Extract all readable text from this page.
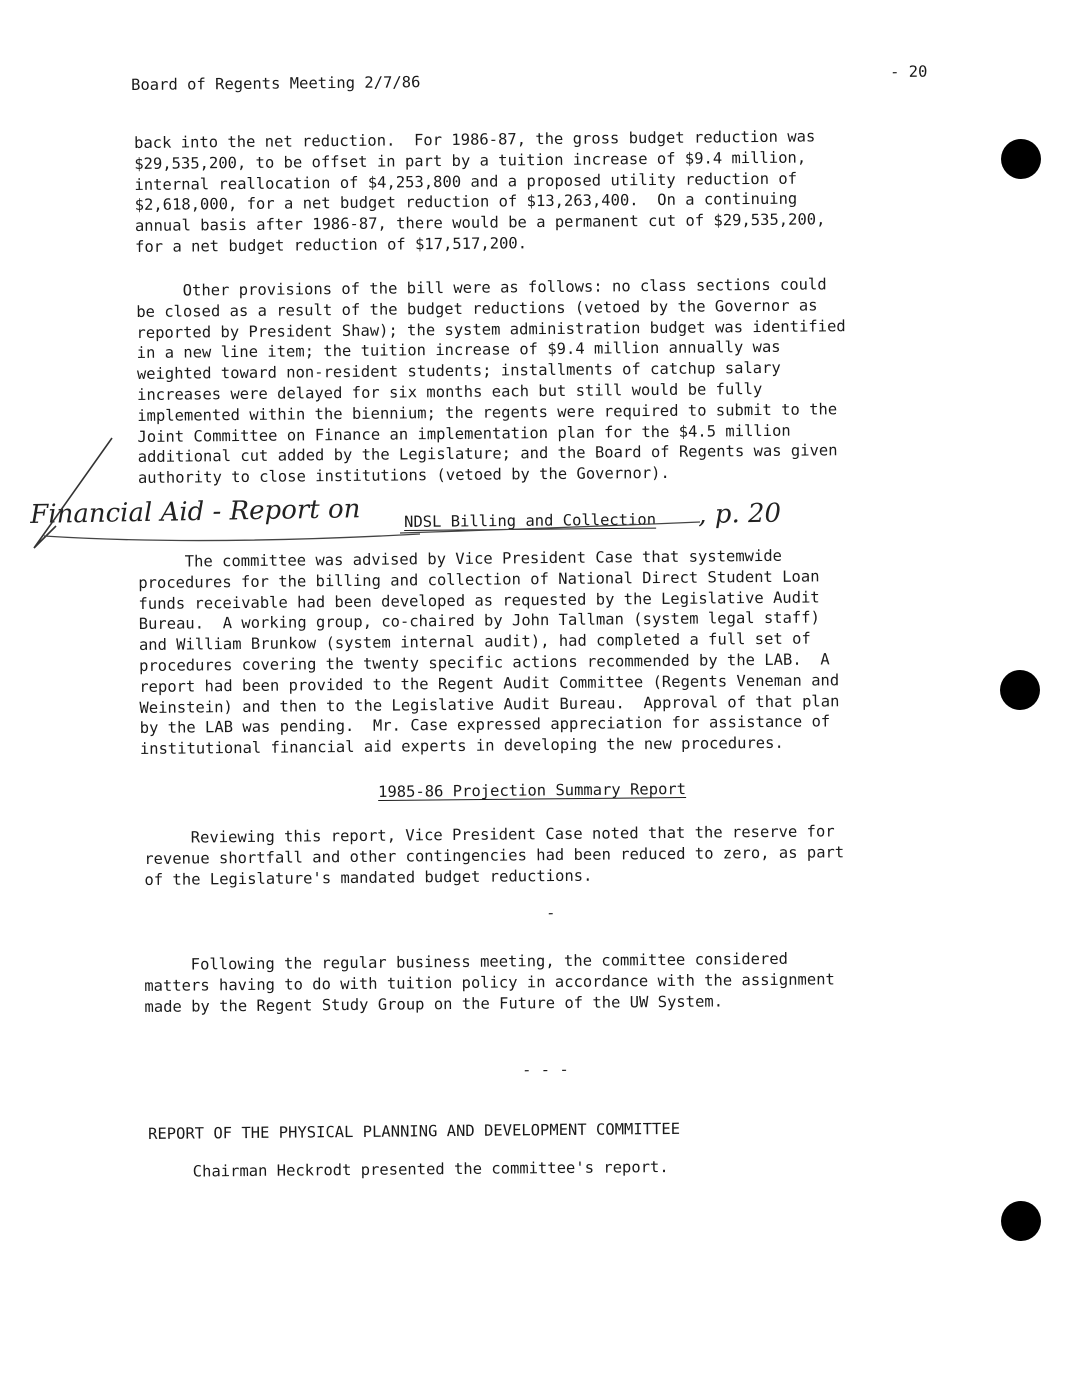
Board of Regents Meeting 2/7/86
- 20
back into the net reduction.  For 1986-87, the gross budget reduction was
$29,535,200, to be offset in part by a tuition increase of $9.4 million,
internal reallocation of $4,253,800 and a proposed utility reduction of
$2,618,000, for a net budget reduction of $13,263,400.  On a continuing
annual basis after 1986-87, there would be a permanent cut of $29,535,200,
for a net budget reduction of $17,517,200.
Other provisions of the bill were as follows: no class sections could
be closed as a result of the budget reductions (vetoed by the Governor as
reported by President Shaw); the system administration budget was identified
in a new line item; the tuition increase of $9.4 million annually was
weighted toward non-resident students; installments of catchup salary
increases were delayed for six months each but still would be fully
implemented within the biennium; the regents were required to submit to the
Joint Committee on Finance an implementation plan for the $4.5 million
additional cut added by the Legislature; and the Board of Regents was given
authority to close institutions (vetoed by the Governor).
Financial Aid - Report on	NDSL Billing and Collection , p. 20
The committee was advised by Vice President Case that systemwide
procedures for the billing and collection of National Direct Student Loan
funds receivable had been developed as requested by the Legislative Audit
Bureau.  A working group, co-chaired by John Tallman (system legal staff)
and William Brunkow (system internal audit), had completed a full set of
procedures covering the twenty specific actions recommended by the LAB.  A
report had been provided to the Regent Audit Committee (Regents Veneman and
Weinstein) and then to the Legislative Audit Bureau.  Approval of that plan
by the LAB was pending.  Mr. Case expressed appreciation for assistance of
institutional financial aid experts in developing the new procedures.
1985-86 Projection Summary Report
Reviewing this report, Vice President Case noted that the reserve for
revenue shortfall and other contingencies had been reduced to zero, as part
of the Legislature's mandated budget reductions.
-
Following the regular business meeting, the committee considered
matters having to do with tuition policy in accordance with the assignment
made by the Regent Study Group on the Future of the UW System.
- - -
REPORT OF THE PHYSICAL PLANNING AND DEVELOPMENT COMMITTEE
Chairman Heckrodt presented the committee's report.
